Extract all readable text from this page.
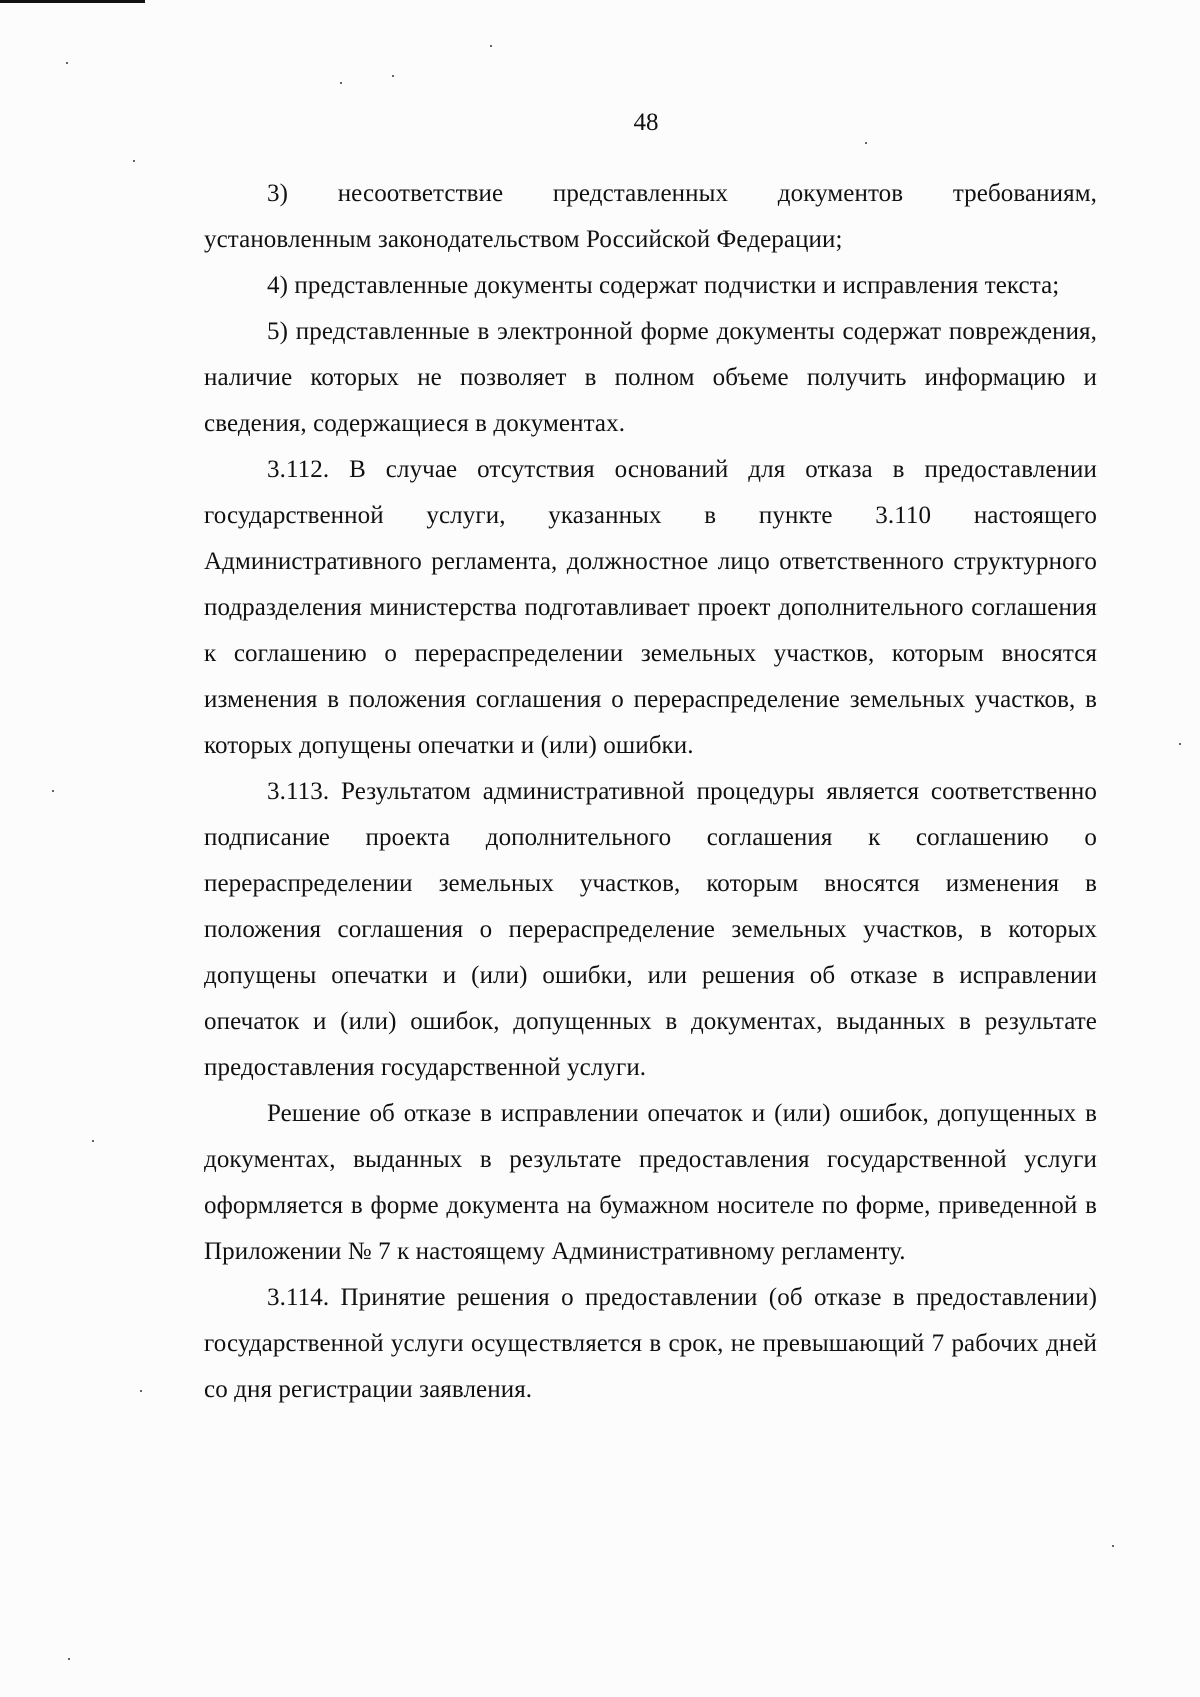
48

3) несоответствие представленных документов требованиям, установленным законодательством Российской Федерации;

4) представленные документы содержат подчистки и исправления текста;

5) представленные в электронной форме документы содержат повреждения, наличие которых не позволяет в полном объеме получить информацию и сведения, содержащиеся в документах.

3.112. В случае отсутствия оснований для отказа в предоставлении государственной услуги, указанных в пункте 3.110 настоящего Административного регламента, должностное лицо ответственного структурного подразделения министерства подготавливает проект дополнительного соглашения к соглашению о перераспределении земельных участков, которым вносятся изменения в положения соглашения о перераспределение земельных участков, в которых допущены опечатки и (или) ошибки.

3.113. Результатом административной процедуры является соответственно подписание проекта дополнительного соглашения к соглашению о перераспределении земельных участков, которым вносятся изменения в положения соглашения о перераспределение земельных участков, в которых допущены опечатки и (или) ошибки, или решения об отказе в исправлении опечаток и (или) ошибок, допущенных в документах, выданных в результате предоставления государственной услуги.

Решение об отказе в исправлении опечаток и (или) ошибок, допущенных в документах, выданных в результате предоставления государственной услуги оформляется в форме документа на бумажном носителе по форме, приведенной в Приложении № 7 к настоящему Административному регламенту.

3.114. Принятие решения о предоставлении (об отказе в предоставлении) государственной услуги осуществляется в срок, не превышающий 7 рабочих дней со дня регистрации заявления.
